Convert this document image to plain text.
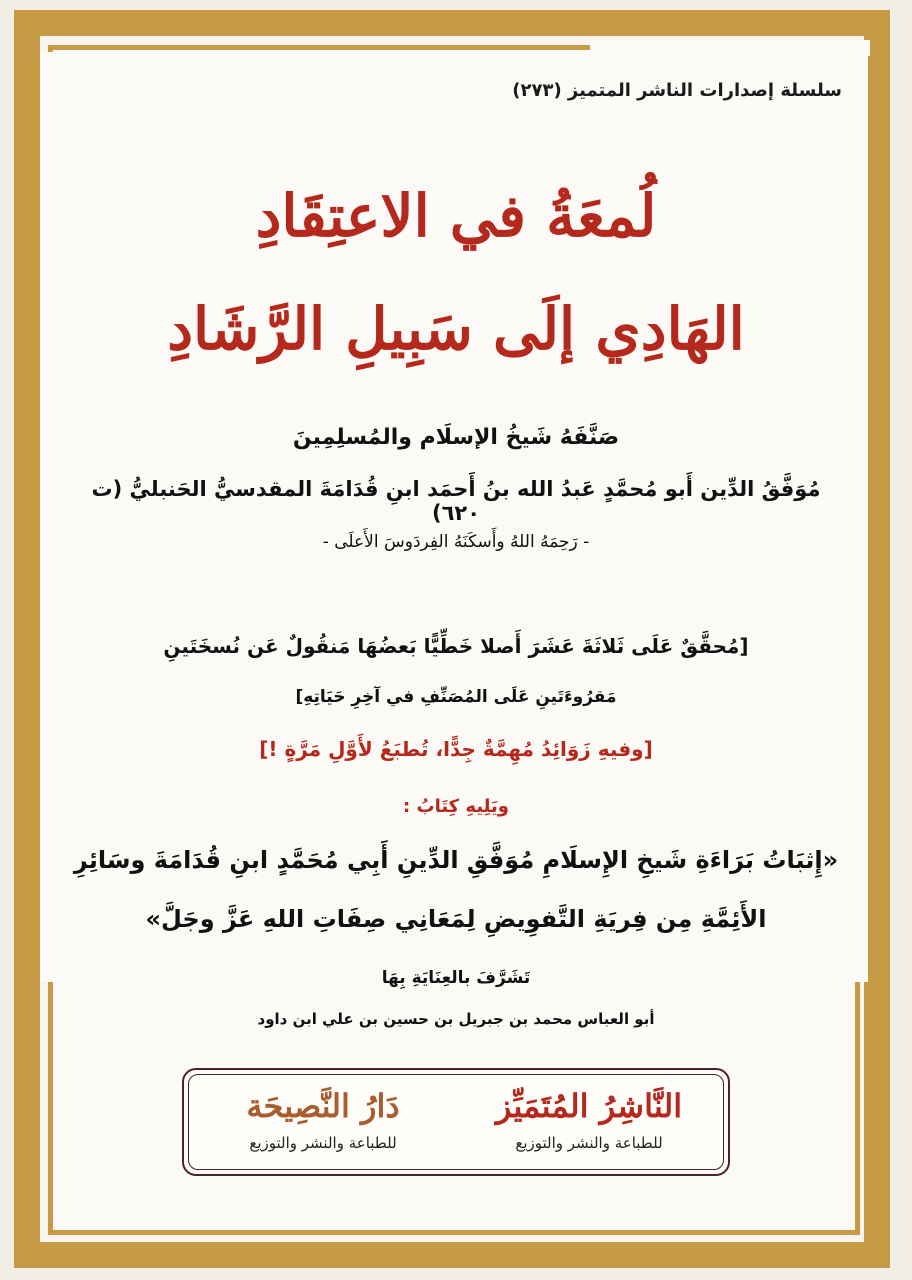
سلسلة إصدارات الناشر المتميز (٢٧٣)
لُمعَةُ في الاعتِقَادِ
الهَادِي إلَى سَبِيلِ الرَّشَادِ
صَنَّفَهُ شَيخُ الإسلَام والمُسلِمِينَ
مُوَفَّقُ الدِّين أَبو مُحمَّدٍ عَبدُ الله بنُ أَحمَد ابنِ قُدَامَةَ المقدسيُّ الحَنبليُّ (ت ٦٢٠)
- رَحِمَهُ اللهُ وأَسكَنَهُ الفِردَوسَ الأَعلَى -
[مُحقَّقٌ عَلَى ثَلاثَةَ عَشَرَ أَصلا خَطِّيًّا بَعضُهَا مَنقُولٌ عَن نُسخَتَينِ
مَقرُوءَتَينِ عَلَى المُصَنِّفِ في آخِرِ حَيَاتِهِ]
[وفيهِ زَوَائِدُ مُهِمَّةٌ جِدًّا، تُطبَعُ لأَوَّلِ مَرَّةٍ !]
ويَلِيهِ كِتَابُ :
«إِثبَاتُ بَرَاءَةِ شَيخِ الإِسلَامِ مُوَفَّقِ الدِّينِ أَبِي مُحَمَّدٍ ابنِ قُدَامَةَ وسَائِرِ
الأَئِمَّةِ مِن فِريَةِ التَّفوِيضِ لِمَعَانِي صِفَاتِ اللهِ عَزَّ وجَلَّ»
تَشَرَّفَ بالعِنَايَةِ بِهَا
أبو العباس محمد بن جبريل بن حسين بن علي ابن داود
النَّاشِرُ المُتَمَيِّز
للطباعة والنشر والتوزيع
دَارُ النَّصِيحَة
للطباعة والنشر والتوزيع
